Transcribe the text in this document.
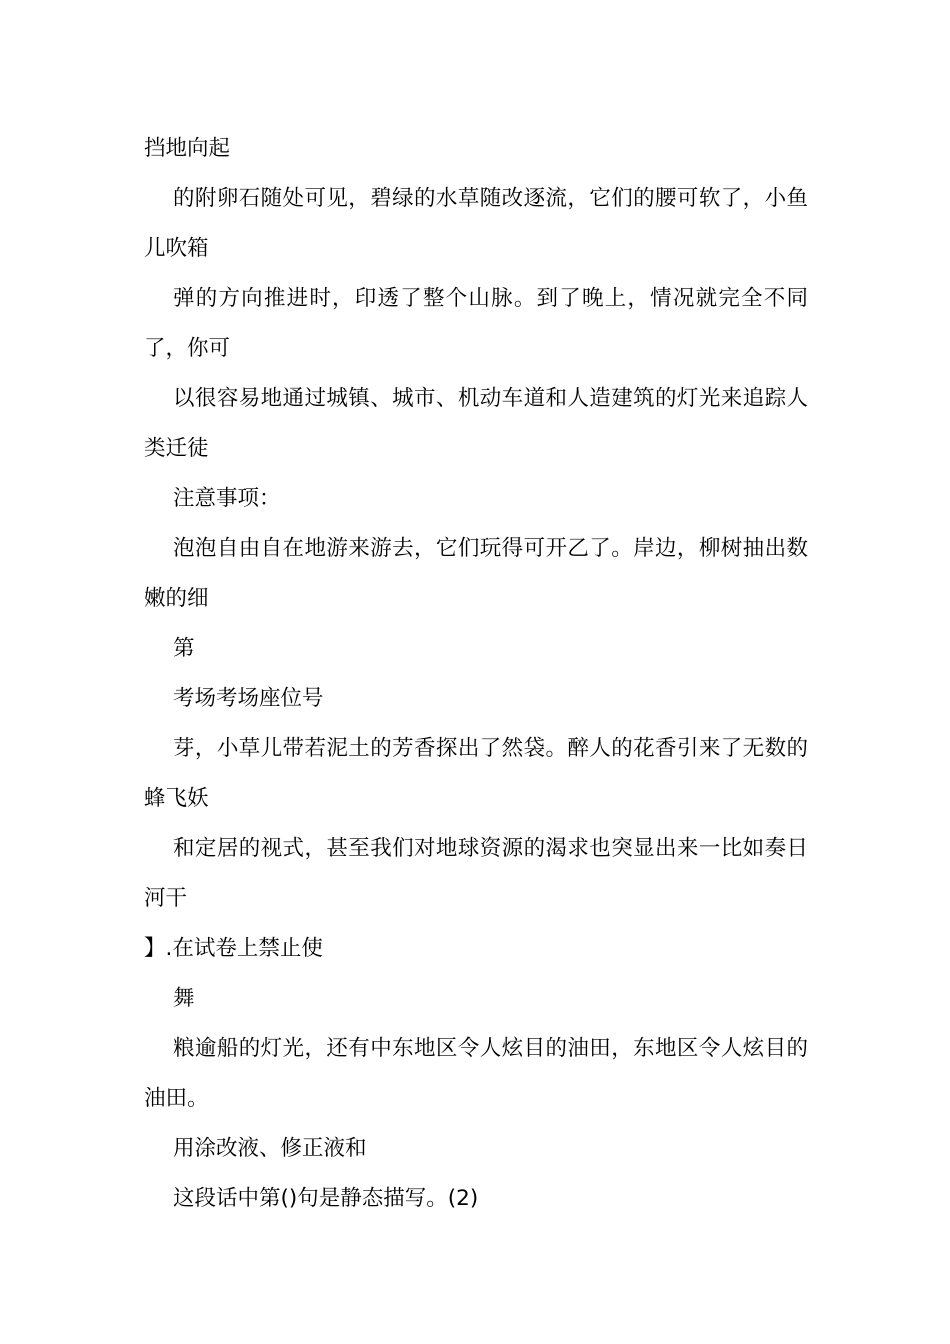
挡地向起

的附卵石随处可见，碧绿的水草随改逐流，它们的腰可软了，小鱼儿吹箱

弹的方向推进时，印透了整个山脉。到了晚上，情况就完全不同了，你可

以很容易地通过城镇、城市、机动车道和人造建筑的灯光来追踪人类迁徒

注意事项：

泡泡自由自在地游来游去，它们玩得可开乙了。岸边，柳树抽出数嫩的细

第

考场考场座位号

芽，小草儿带若泥土的芳香探出了然袋。醉人的花香引来了无数的蜂飞妖

和定居的视式，甚至我们对地球资源的渴求也突显出来一比如奏日河干

】.在试卷上禁止使

舞

粮逾船的灯光，还有中东地区令人炫目的油田，东地区令人炫目的油田。

用涂改液、修正液和

这段话中第()句是静态描写。(2)
